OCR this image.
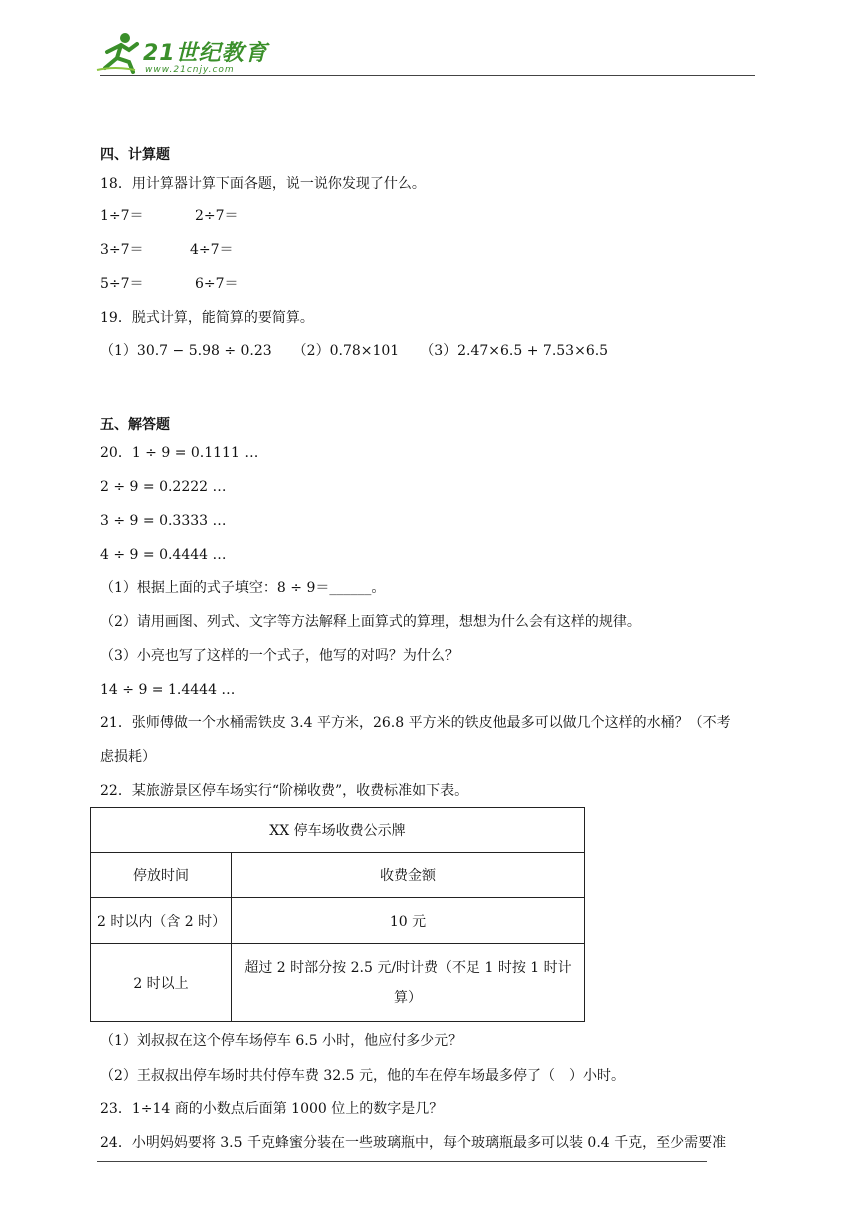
21世纪教育
www.21cnjy.com
四、计算题
18．用计算器计算下面各题，说一说你发现了什么。
1÷7＝	2÷7＝
3÷7＝	4÷7＝
5÷7＝	6÷7＝
19．脱式计算，能简算的要简算。
（1）30.7 − 5.98 ÷ 0.23　　（2）0.78×101　　（3）2.47×6.5 + 7.53×6.5
五、解答题
20．1 ÷ 9 = 0.1111 …
2 ÷ 9 = 0.2222 …
3 ÷ 9 = 0.3333 …
4 ÷ 9 = 0.4444 …
（1）根据上面的式子填空：8 ÷ 9＝______。
（2）请用画图、列式、文字等方法解释上面算式的算理，想想为什么会有这样的规律。
（3）小亮也写了这样的一个式子，他写的对吗？为什么？
14 ÷ 9 = 1.4444 …
21．张师傅做一个水桶需铁皮 3.4 平方米，26.8 平方米的铁皮他最多可以做几个这样的水桶？（不考
虑损耗）
22．某旅游景区停车场实行“阶梯收费”，收费标准如下表。
XX 停车场收费公示牌	
停放时间	收费金额
2 时以内（含 2 时）	10 元
2 时以上	超过 2 时部分按 2.5 元/时计费（不足 1 时按 1 时计
算）
（1）刘叔叔在这个停车场停车 6.5 小时，他应付多少元？
（2）王叔叔出停车场时共付停车费 32.5 元，他的车在停车场最多停了（　）小时。
23．1÷14 商的小数点后面第 1000 位上的数字是几？
24．小明妈妈要将 3.5 千克蜂蜜分装在一些玻璃瓶中，每个玻璃瓶最多可以装 0.4 千克，至少需要准
